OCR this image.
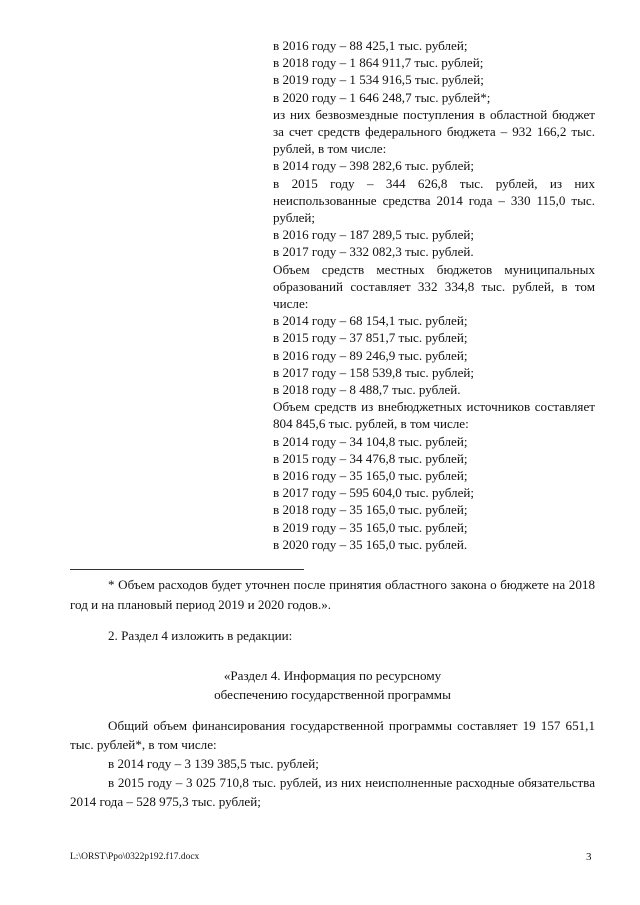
в 2016 году – 88 425,1 тыс. рублей;
в 2018 году – 1 864 911,7 тыс. рублей;
в 2019 году – 1 534 916,5 тыс. рублей;
в 2020 году – 1 646 248,7 тыс. рублей*;
из них безвозмездные поступления в областной бюджет за счет средств федерального бюджета – 932 166,2 тыс. рублей, в том числе:
в 2014 году – 398 282,6 тыс. рублей;
в 2015 году – 344 626,8 тыс. рублей, из них неиспользованные средства 2014 года – 330 115,0 тыс. рублей;
в 2016 году – 187 289,5 тыс. рублей;
в 2017 году – 332 082,3 тыс. рублей.
Объем средств местных бюджетов муниципальных образований составляет 332 334,8 тыс. рублей, в том числе:
в 2014 году – 68 154,1 тыс. рублей;
в 2015 году – 37 851,7 тыс. рублей;
в 2016 году – 89 246,9 тыс. рублей;
в 2017 году – 158 539,8 тыс. рублей;
в 2018 году – 8 488,7 тыс. рублей.
Объем средств из внебюджетных источников составляет 804 845,6 тыс. рублей, в том числе:
в 2014 году – 34 104,8 тыс. рублей;
в 2015 году – 34 476,8 тыс. рублей;
в 2016 году – 35 165,0 тыс. рублей;
в 2017 году – 595 604,0 тыс. рублей;
в 2018 году – 35 165,0 тыс. рублей;
в 2019 году – 35 165,0 тыс. рублей;
в 2020 году – 35 165,0 тыс. рублей.
* Объем расходов будет уточнен после принятия областного закона о бюджете на 2018 год и на плановый период 2019 и 2020 годов.».
2. Раздел 4 изложить в редакции:
«Раздел 4. Информация по ресурсному
обеспечению государственной программы
Общий объем финансирования государственной программы составляет 19 157 651,1 тыс. рублей*, в том числе:
в 2014 году – 3 139 385,5 тыс. рублей;
в 2015 году – 3 025 710,8 тыс. рублей, из них неисполненные расходные обязательства 2014 года – 528 975,3 тыс. рублей;
L:\ORST\Ppo\0322p192.f17.docx	3
